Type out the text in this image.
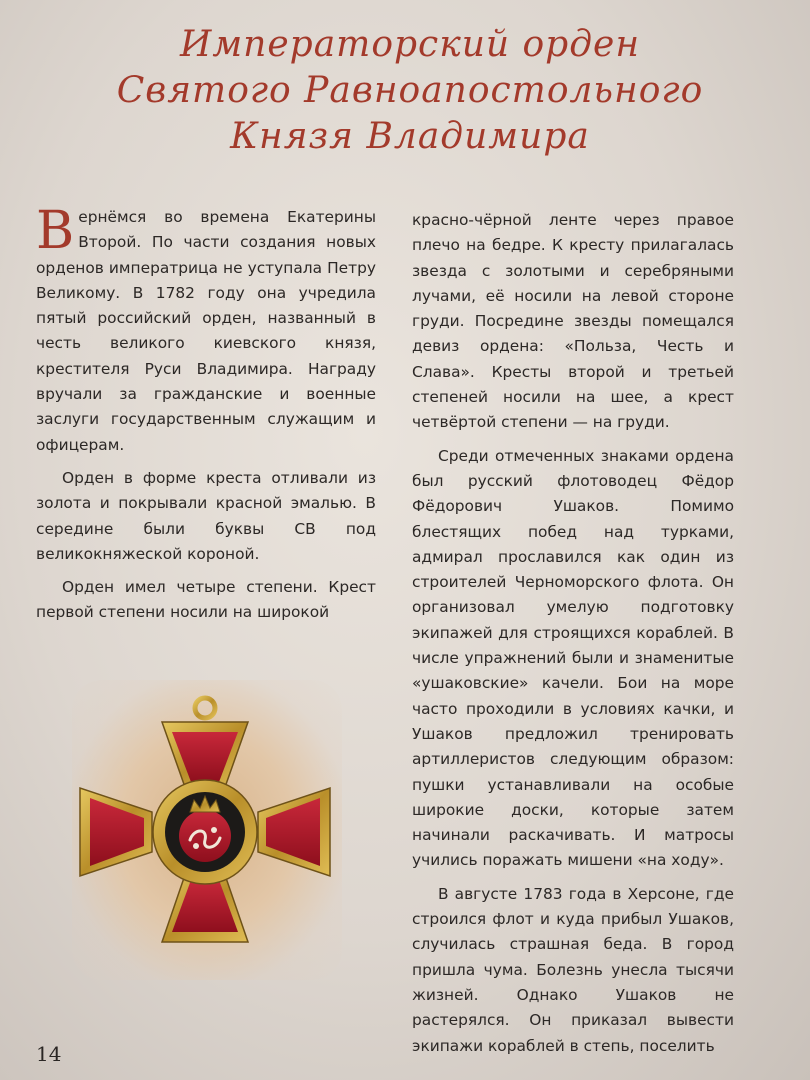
Императорский орден
Святого Равноапостольного
Князя Владимира

Вернёмся во времена Екатерины Второй. По части создания новых орденов императрица не уступала Петру Великому. В 1782 году она учредила пятый российский орден, названный в честь великого киевского князя, крестителя Руси Владимира. Награду вручали за гражданские и военные заслуги государственным служащим и офицерам.

Орден в форме креста отливали из золота и покрывали красной эмалью. В середине были буквы СВ под великокняжеской короной.

Орден имел четыре степени. Крест первой степени носили на широкой

красно-чёрной ленте через правое плечо на бедре. К кресту прилагалась звезда с золотыми и серебряными лучами, её носили на левой стороне груди. Посредине звезды помещался девиз ордена: «Польза, Честь и Слава». Кресты второй и третьей степеней носили на шее, а крест четвёртой степени — на груди.

Среди отмеченных знаками ордена был русский флотоводец Фёдор Фёдорович Ушаков. Помимо блестящих побед над турками, адмирал прославился как один из строителей Черноморского флота. Он организовал умелую подготовку экипажей для строящихся кораблей. В числе упражнений были и знаменитые «ушаковские» качели. Бои на море часто проходили в условиях качки, и Ушаков предложил тренировать артиллеристов следующим образом: пушки устанавливали на особые широкие доски, которые затем начинали раскачивать. И матросы учились поражать мишени «на ходу».

В августе 1783 года в Херсоне, где строился флот и куда прибыл Ушаков, случилась страшная беда. В город пришла чума. Болезнь унесла тысячи жизней. Однако Ушаков не растерялся. Он приказал вывести экипажи кораблей в степь, поселить

14
